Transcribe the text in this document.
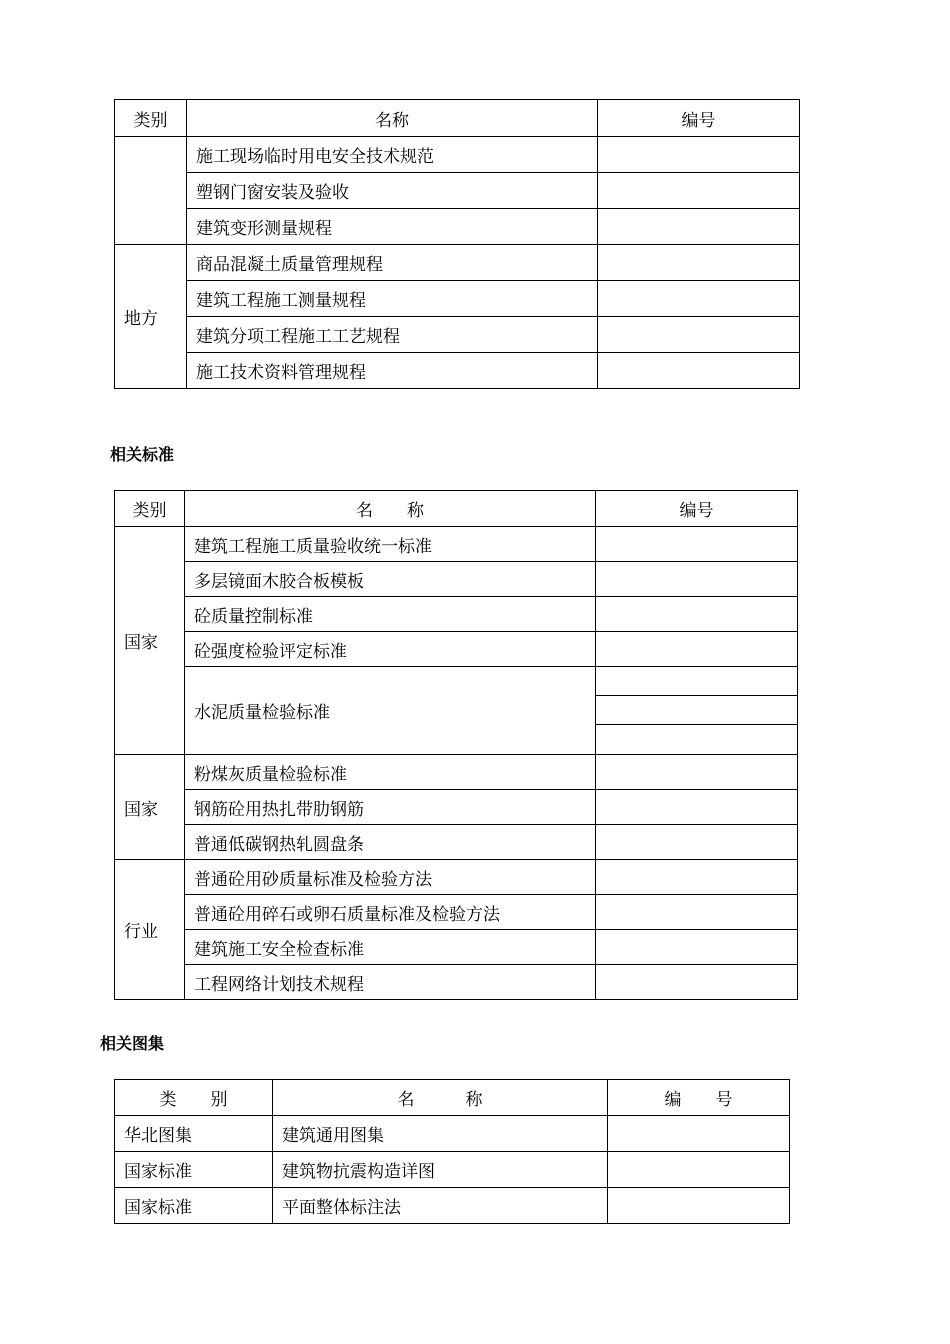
类别	名称	编号
	施工现场临时用电安全技术规范	
	塑钢门窗安装及验收	
	建筑变形测量规程	
地方	商品混凝土质量管理规程	
	建筑工程施工测量规程	
	建筑分项工程施工工艺规程	
	施工技术资料管理规程	
相关标准
类别	名　　称	编号
国家	建筑工程施工质量验收统一标准	
	多层镜面木胶合板模板	
	砼质量控制标准	
	砼强度检验评定标准	
	水泥质量检验标准	

国家	粉煤灰质量检验标准	
	钢筋砼用热扎带肋钢筋	
	普通低碳钢热轧圆盘条	
行业	普通砼用砂质量标准及检验方法	
	普通砼用碎石或卵石质量标准及检验方法	
	建筑施工安全检查标准	
	工程网络计划技术规程	
相关图集
类　　别	名　　　称	编　　号
华北图集	建筑通用图集	
国家标准	建筑物抗震构造详图	
国家标准	平面整体标注法	
